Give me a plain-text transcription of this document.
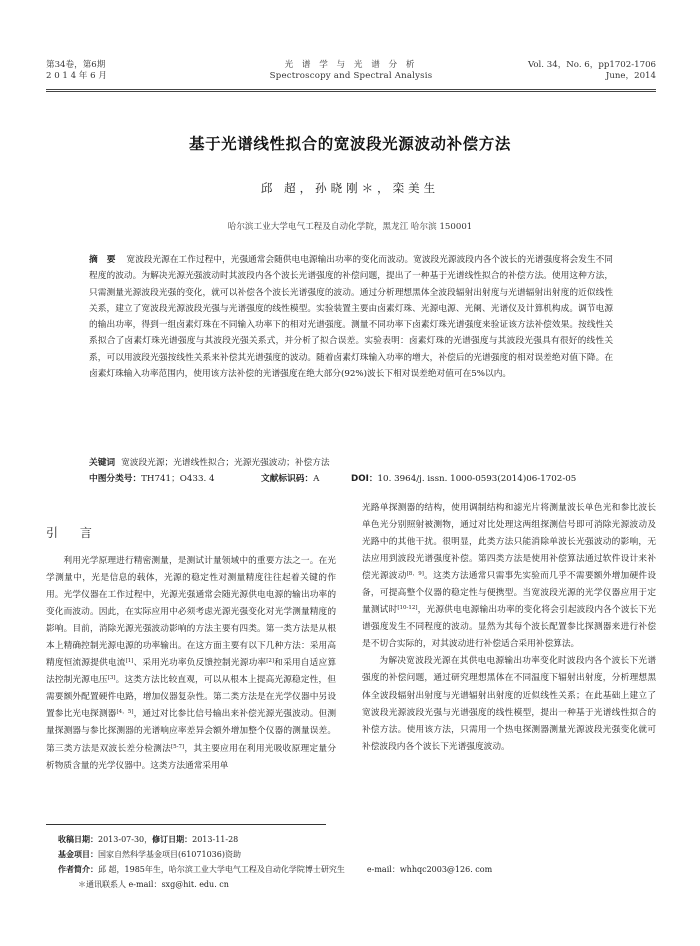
第34卷，第6期
2 0 1 4 年 6 月
光 谱 学 与 光 谱 分 析
Spectroscopy and Spectral Analysis
Vol. 34，No. 6，pp1702-1706
June，2014
基于光谱线性拟合的宽波段光源波动补偿方法
邱 超，孙晓刚＊，栾美生
哈尔滨工业大学电气工程及自动化学院，黑龙江 哈尔滨 150001
摘 要 宽波段光源在工作过程中，光强通常会随供电电源输出功率的变化而波动。宽波段光源波段内各个波长的光谱强度将会发生不同程度的波动。为解决光源光强波动时其波段内各个波长光谱强度的补偿问题，提出了一种基于光谱线性拟合的补偿方法。使用这种方法，只需测量光源波段光强的变化，就可以补偿各个波长光谱强度的波动。通过分析理想黑体全波段辐射出射度与光谱辐射出射度的近似线性关系，建立了宽波段光源波段光强与光谱强度的线性模型。实验装置主要由卤素灯珠、光源电源、光阑、光谱仪及计算机构成。调节电源的输出功率，得到一组卤素灯珠在不同输入功率下的相对光谱强度。测量不同功率下卤素灯珠光谱强度来验证该方法补偿效果。按线性关系拟合了卤素灯珠光谱强度与其波段光强关系式，并分析了拟合误差。实验表明：卤素灯珠的光谱强度与其波段光强具有很好的线性关系，可以用波段光强按线性关系来补偿其光谱强度的波动。随着卤素灯珠输入功率的增大，补偿后的光谱强度的相对误差绝对值下降。在卤素灯珠输入功率范围内，使用该方法补偿的光谱强度在绝大部分(92%)波长下相对误差绝对值可在5%以内。
关键词 宽波段光源；光谱线性拟合；光源光强波动；补偿方法
中图分类号：TH741；O433. 4	文献标识码：A	DOI：10. 3964/j. issn. 1000-0593(2014)06-1702-05
引 言

利用光学原理进行精密测量，是测试计量领域中的重要方法之一。在光学测量中，光是信息的载体，光源的稳定性对测量精度往往起着关键的作用。光学仪器在工作过程中，光源光强通常会随光源供电电源的输出功率的变化而波动。因此，在实际应用中必须考虑光源光强变化对光学测量精度的影响。目前，消除光源光强波动影响的方法主要有四类。第一类方法是从根本上精确控制光源电源的功率输出。在这方面主要有以下几种方法：采用高精度恒流源提供电流[1]、采用光功率负反馈控制光源功率[2]和采用自适应算法控制光源电压[3]。这类方法比较直观，可以从根本上提高光源稳定性，但需要额外配置硬件电路，增加仪器复杂性。第二类方法是在光学仪器中另设置参比光电探测器[4，5]，通过对比参比信号输出来补偿光源光强波动。但测量探测器与参比探测器的光谱响应率差异会额外增加整个仪器的测量误差。第三类方法是双波长差分检测法[5-7]，其主要应用在利用光吸收原理定量分析物质含量的光学仪器中。这类方法通常采用单

光路单探测器的结构，使用调制结构和滤光片将测量波长单色光和参比波长单色光分别照射被测物，通过对比处理这两组探测信号即可消除光源波动及光路中的其他干扰。很明显，此类方法只能消除单波长光强波动的影响，无法应用到波段光谱强度补偿。第四类方法是使用补偿算法通过软件设计来补偿光源波动[8，9]。这类方法通常只需事先实验而几乎不需要额外增加硬件设备，可提高整个仪器的稳定性与便携型。当宽波段光源的光学仪器应用于定量测试时[10-12]，光源供电电源输出功率的变化将会引起波段内各个波长下光谱强度发生不同程度的波动。显然为其每个波长配置参比探测器来进行补偿是不切合实际的，对其波动进行补偿适合采用补偿算法。

为解决宽波段光源在其供电电源输出功率变化时波段内各个波长下光谱强度的补偿问题，通过研究理想黑体在不同温度下辐射出射度，分析理想黑体全波段辐射出射度与光谱辐射出射度的近似线性关系；在此基础上建立了宽波段光源波段光强与光谱强度的线性模型，提出一种基于光谱线性拟合的补偿方法。使用该方法，只需用一个热电探测器测量光源波段光强变化就可补偿波段内各个波长下光谱强度波动。

收稿日期：2013-07-30，修订日期：2013-11-28
基金项目：国家自然科学基金项目(61071036)资助
作者简介：邱 超，1985年生，哈尔滨工业大学电气工程及自动化学院博士研究生	e-mail：whhqc2003@126. com
＊通讯联系人 e-mail：sxg@hit. edu. cn
